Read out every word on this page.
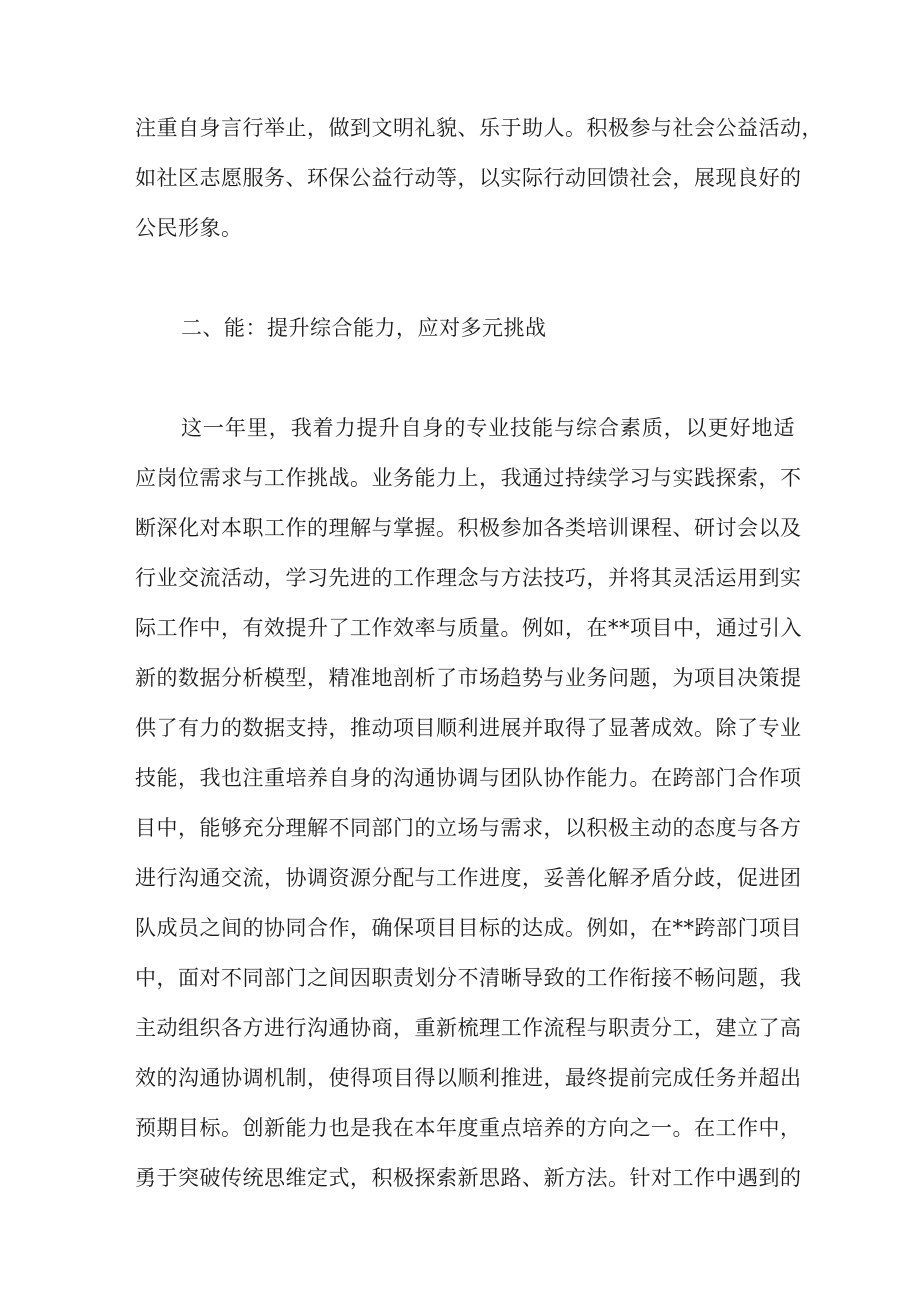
注重自身言行举止，做到文明礼貌、乐于助人。积极参与社会公益活动，

如社区志愿服务、环保公益行动等，以实际行动回馈社会，展现良好的

公民形象。

二、能：提升综合能力，应对多元挑战

这一年里，我着力提升自身的专业技能与综合素质，以更好地适

应岗位需求与工作挑战。业务能力上，我通过持续学习与实践探索，不

断深化对本职工作的理解与掌握。积极参加各类培训课程、研讨会以及

行业交流活动，学习先进的工作理念与方法技巧，并将其灵活运用到实

际工作中，有效提升了工作效率与质量。例如，在**项目中，通过引入

新的数据分析模型，精准地剖析了市场趋势与业务问题，为项目决策提

供了有力的数据支持，推动项目顺利进展并取得了显著成效。除了专业

技能，我也注重培养自身的沟通协调与团队协作能力。在跨部门合作项

目中，能够充分理解不同部门的立场与需求，以积极主动的态度与各方

进行沟通交流，协调资源分配与工作进度，妥善化解矛盾分歧，促进团

队成员之间的协同合作，确保项目目标的达成。例如，在**跨部门项目

中，面对不同部门之间因职责划分不清晰导致的工作衔接不畅问题，我

主动组织各方进行沟通协商，重新梳理工作流程与职责分工，建立了高

效的沟通协调机制，使得项目得以顺利推进，最终提前完成任务并超出

预期目标。创新能力也是我在本年度重点培养的方向之一。在工作中，

勇于突破传统思维定式，积极探索新思路、新方法。针对工作中遇到的
